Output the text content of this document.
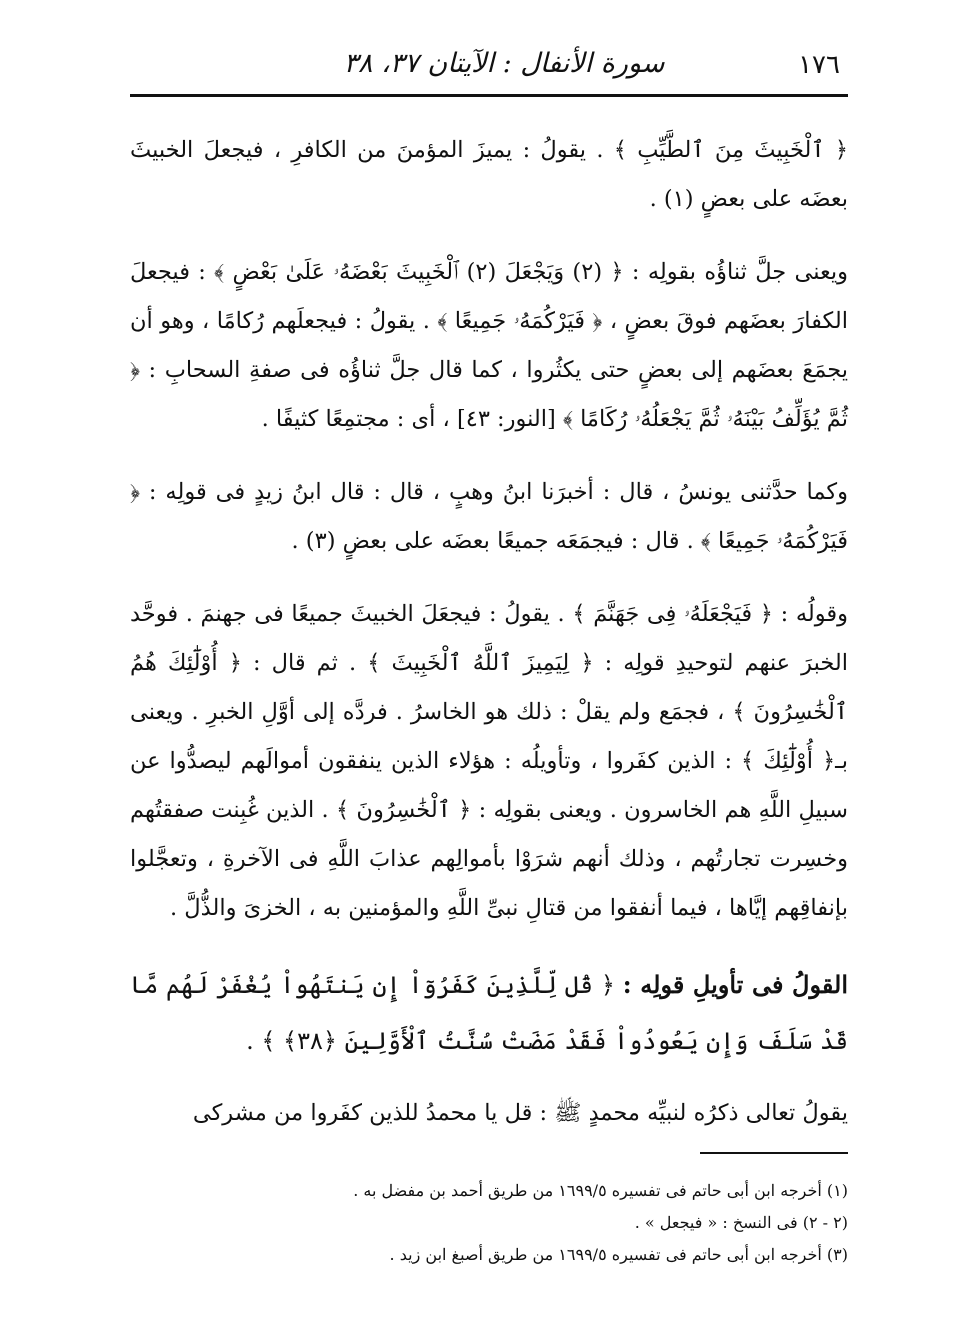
١٧٦
سورة الأنفال : الآيتان ٣٧، ٣٨

﴿ ٱلْخَبِيثَ مِنَ ٱلطَّيِّبِ ﴾ . يقولُ : يميزَ المؤمنَ من الكافرِ ، فيجعلَ الخبيثَ بعضَه على بعضٍ (١) .

ويعنى جلَّ ثناؤُه بقولِه : ﴿ (٢) وَيَجْعَلَ (٢) ٱلْخَبِيثَ بَعْضَهُۥ عَلَىٰ بَعْضٍ ﴾ : فيجعلَ الكفارَ بعضَهم فوقَ بعضٍ ، ﴿ فَيَرْكُمَهُۥ جَمِيعًا ﴾ . يقولُ : فيجعلَهم رُكامًا ، وهو أن يجمَعَ بعضَهم إلى بعضٍ حتى يكثُروا ، كما قال جلَّ ثناؤُه فى صفةِ السحابِ : ﴿ ثُمَّ يُؤَلِّفُ بَيْنَهُۥ ثُمَّ يَجْعَلُهُۥ رُكَامًا ﴾ [النور: ٤٣] ، أى : مجتمِعًا كثيفًا .

وكما حدَّثنى يونسُ ، قال : أخبرَنا ابنُ وهبٍ ، قال : قال ابنُ زيدٍ فى قولِه : ﴿ فَيَرْكُمَهُۥ جَمِيعًا ﴾ . قال : فيجمَعَه جميعًا بعضَه على بعضٍ (٣) .

وقولُه : ﴿ فَيَجْعَلَهُۥ فِى جَهَنَّمَ ﴾ . يقولُ : فيجعَلَ الخبيثَ جميعًا فى جهنمَ . فوحَّد الخبرَ عنهم لتوحيدِ قولِه : ﴿ لِيَمِيزَ ٱللَّهُ ٱلْخَبِيثَ ﴾ . ثم قال : ﴿ أُوْلَٰٓئِكَ هُمُ ٱلْخَٰسِرُونَ ﴾ ، فجمَع ولم يقلْ : ذلك هو الخاسرُ . فردَّه إلى أوَّلِ الخبرِ . ويعنى بـ﴿ أُوْلَٰٓئِكَ ﴾ : الذين كفَروا ، وتأويلُه : هؤلاء الذين ينفقون أموالَهم ليصدُّوا عن سبيلِ اللَّهِ هم الخاسرون . ويعنى بقولِه : ﴿ ٱلْخَٰسِرُونَ ﴾ . الذين غُبِنت صفقتُهم وخسِرت تجارتُهم ، وذلك أنهم شرَوْا بأموالِهم عذابَ اللَّهِ فى الآخرةِ ، وتعجَّلوا بإنفاقِهم إيَّاها ، فيما أنفقوا من قتالِ نبىِّ اللَّهِ والمؤمنين به ، الخزىَ والذُّلَّ .

القولُ فى تأويلِ قولِه : ﴿ قُل لِّلَّذِينَ كَفَرُوٓاْ إِن يَنتَهُواْ يُغْفَرْ لَهُم مَّا قَدْ سَلَفَ وَإِن يَعُودُواْ فَقَدْ مَضَتْ سُنَّتُ ٱلْأَوَّلِينَ ﴿٣٨﴾ ﴾ .

يقولُ تعالى ذكرُه لنبيِّه محمدٍ ﷺ : قل يا محمدُ للذين كفَروا من مشركى

(١) أخرجه ابن أبى حاتم فى تفسيره ١٦٩٩/٥ من طريق أحمد بن مفضل به .

(٢ - ٢) فى النسخ : « فيجعل » .

(٣) أخرجه ابن أبى حاتم فى تفسيره ١٦٩٩/٥ من طريق أصبغ ابن زيد .
